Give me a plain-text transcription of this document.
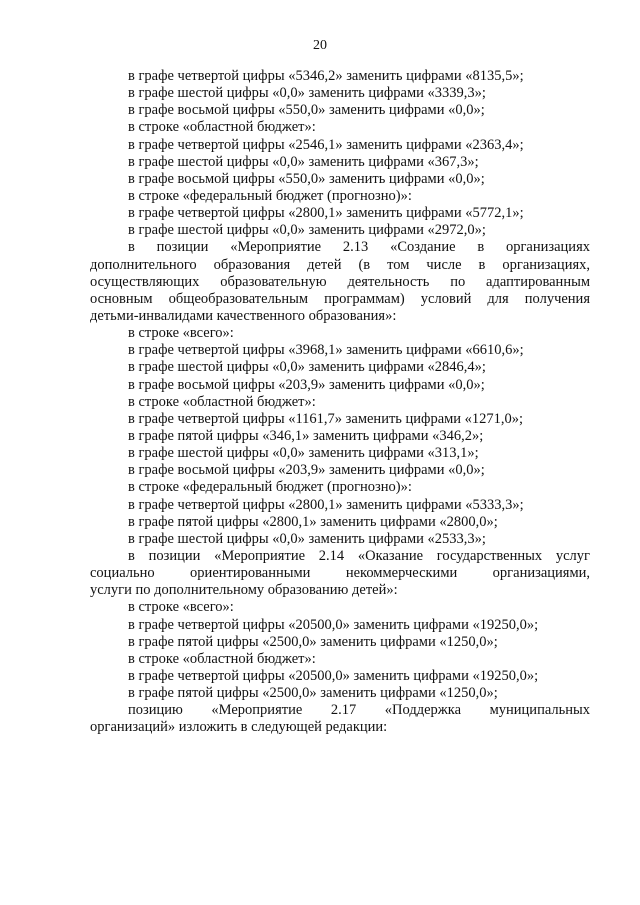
20
в графе четвертой цифры «5346,2» заменить цифрами «8135,5»;
в графе шестой цифры «0,0» заменить цифрами «3339,3»;
в графе восьмой цифры «550,0» заменить цифрами «0,0»;
в строке «областной бюджет»:
в графе четвертой цифры «2546,1» заменить цифрами «2363,4»;
в графе шестой цифры «0,0» заменить цифрами «367,3»;
в графе восьмой цифры «550,0» заменить цифрами «0,0»;
в строке «федеральный бюджет (прогнозно)»:
в графе четвертой цифры «2800,1» заменить цифрами «5772,1»;
в графе шестой цифры «0,0» заменить цифрами «2972,0»;
в позиции «Мероприятие 2.13 «Создание в организациях
дополнительного образования детей (в том числе в организациях,
осуществляющих образовательную деятельность по адаптированным
основным общеобразовательным программам) условий для получения
детьми-инвалидами качественного образования»:
в строке «всего»:
в графе четвертой цифры «3968,1» заменить цифрами «6610,6»;
в графе шестой цифры «0,0» заменить цифрами «2846,4»;
в графе восьмой цифры «203,9» заменить цифрами «0,0»;
в строке «областной бюджет»:
в графе четвертой цифры «1161,7» заменить цифрами «1271,0»;
в графе пятой цифры «346,1» заменить цифрами «346,2»;
в графе шестой цифры «0,0» заменить цифрами «313,1»;
в графе восьмой цифры «203,9» заменить цифрами «0,0»;
в строке «федеральный бюджет (прогнозно)»:
в графе четвертой цифры «2800,1» заменить цифрами «5333,3»;
в графе пятой цифры «2800,1» заменить цифрами «2800,0»;
в графе шестой цифры «0,0» заменить цифрами «2533,3»;
в позиции «Мероприятие 2.14 «Оказание государственных услуг
социально ориентированными некоммерческими организациями,
услуги по дополнительному образованию детей»:
в строке «всего»:
в графе четвертой цифры «20500,0» заменить цифрами «19250,0»;
в графе пятой цифры «2500,0» заменить цифрами «1250,0»;
в строке «областной бюджет»:
в графе четвертой цифры «20500,0» заменить цифрами «19250,0»;
в графе пятой цифры «2500,0» заменить цифрами «1250,0»;
позицию «Мероприятие 2.17 «Поддержка муниципальных
организаций» изложить в следующей редакции:
